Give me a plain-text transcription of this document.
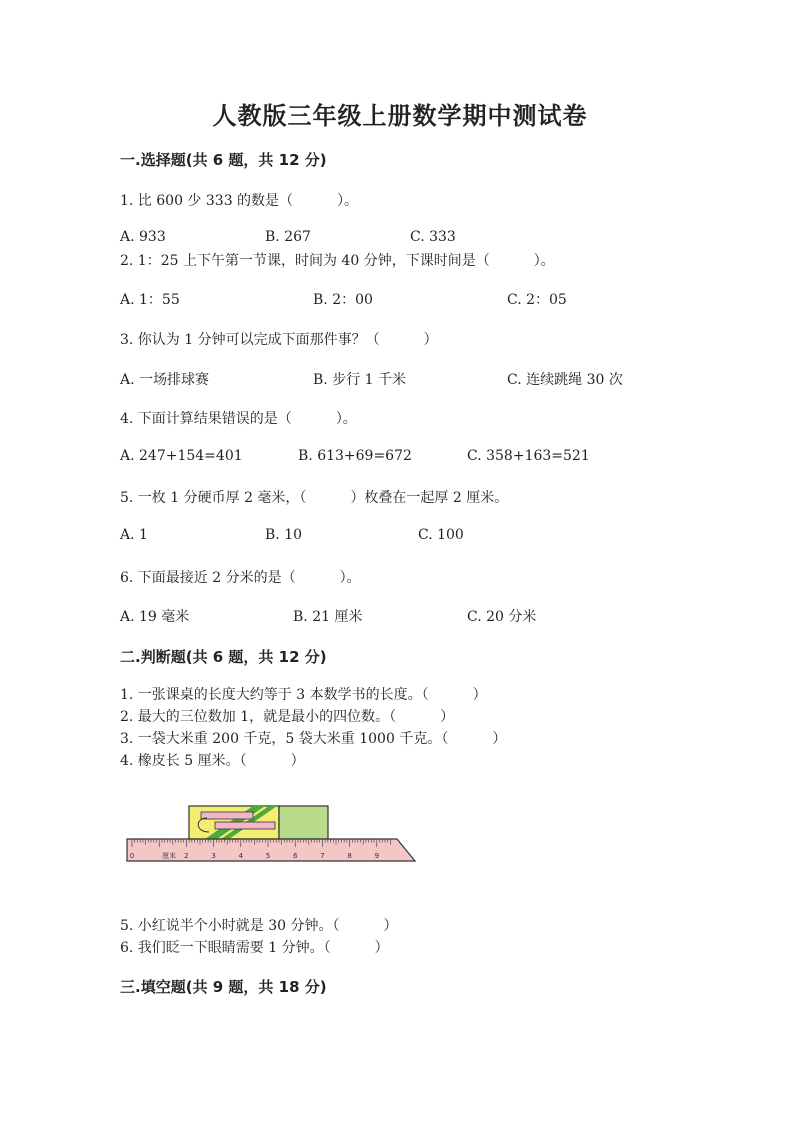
人教版三年级上册数学期中测试卷
一.选择题(共 6 题，共 12 分)
1. 比 600 少 333 的数是（	）。
A. 933	B. 267	C. 333
2. 1：25 上下午第一节课，时间为 40 分钟，下课时间是（	）。
A. 1：55	B. 2：00	C. 2：05
3. 你认为 1 分钟可以完成下面那件事？（	）
A. 一场排球赛	B. 步行 1 千米	C. 连续跳绳 30 次
4. 下面计算结果错误的是（	）。
A. 247+154=401	B. 613+69=672	C. 358+163=521
5. 一枚 1 分硬币厚 2 毫米，（	）枚叠在一起厚 2 厘米。
A. 1	B. 10	C. 100
6. 下面最接近 2 分米的是（	）。
A. 19 毫米	B. 21 厘米	C. 20 分米
二.判断题(共 6 题，共 12 分)
1. 一张课桌的长度大约等于 3 本数学书的长度。（	）
2. 最大的三位数加 1，就是最小的四位数。（	）
3. 一袋大米重 200 千克，5 袋大米重 1000 千克。（	）
4. 橡皮长 5 厘米。（	）
0	2	3	4	5	6	7	8	9
厘米
5. 小红说半个小时就是 30 分钟。（	）
6. 我们眨一下眼睛需要 1 分钟。（	）
三.填空题(共 9 题，共 18 分)
